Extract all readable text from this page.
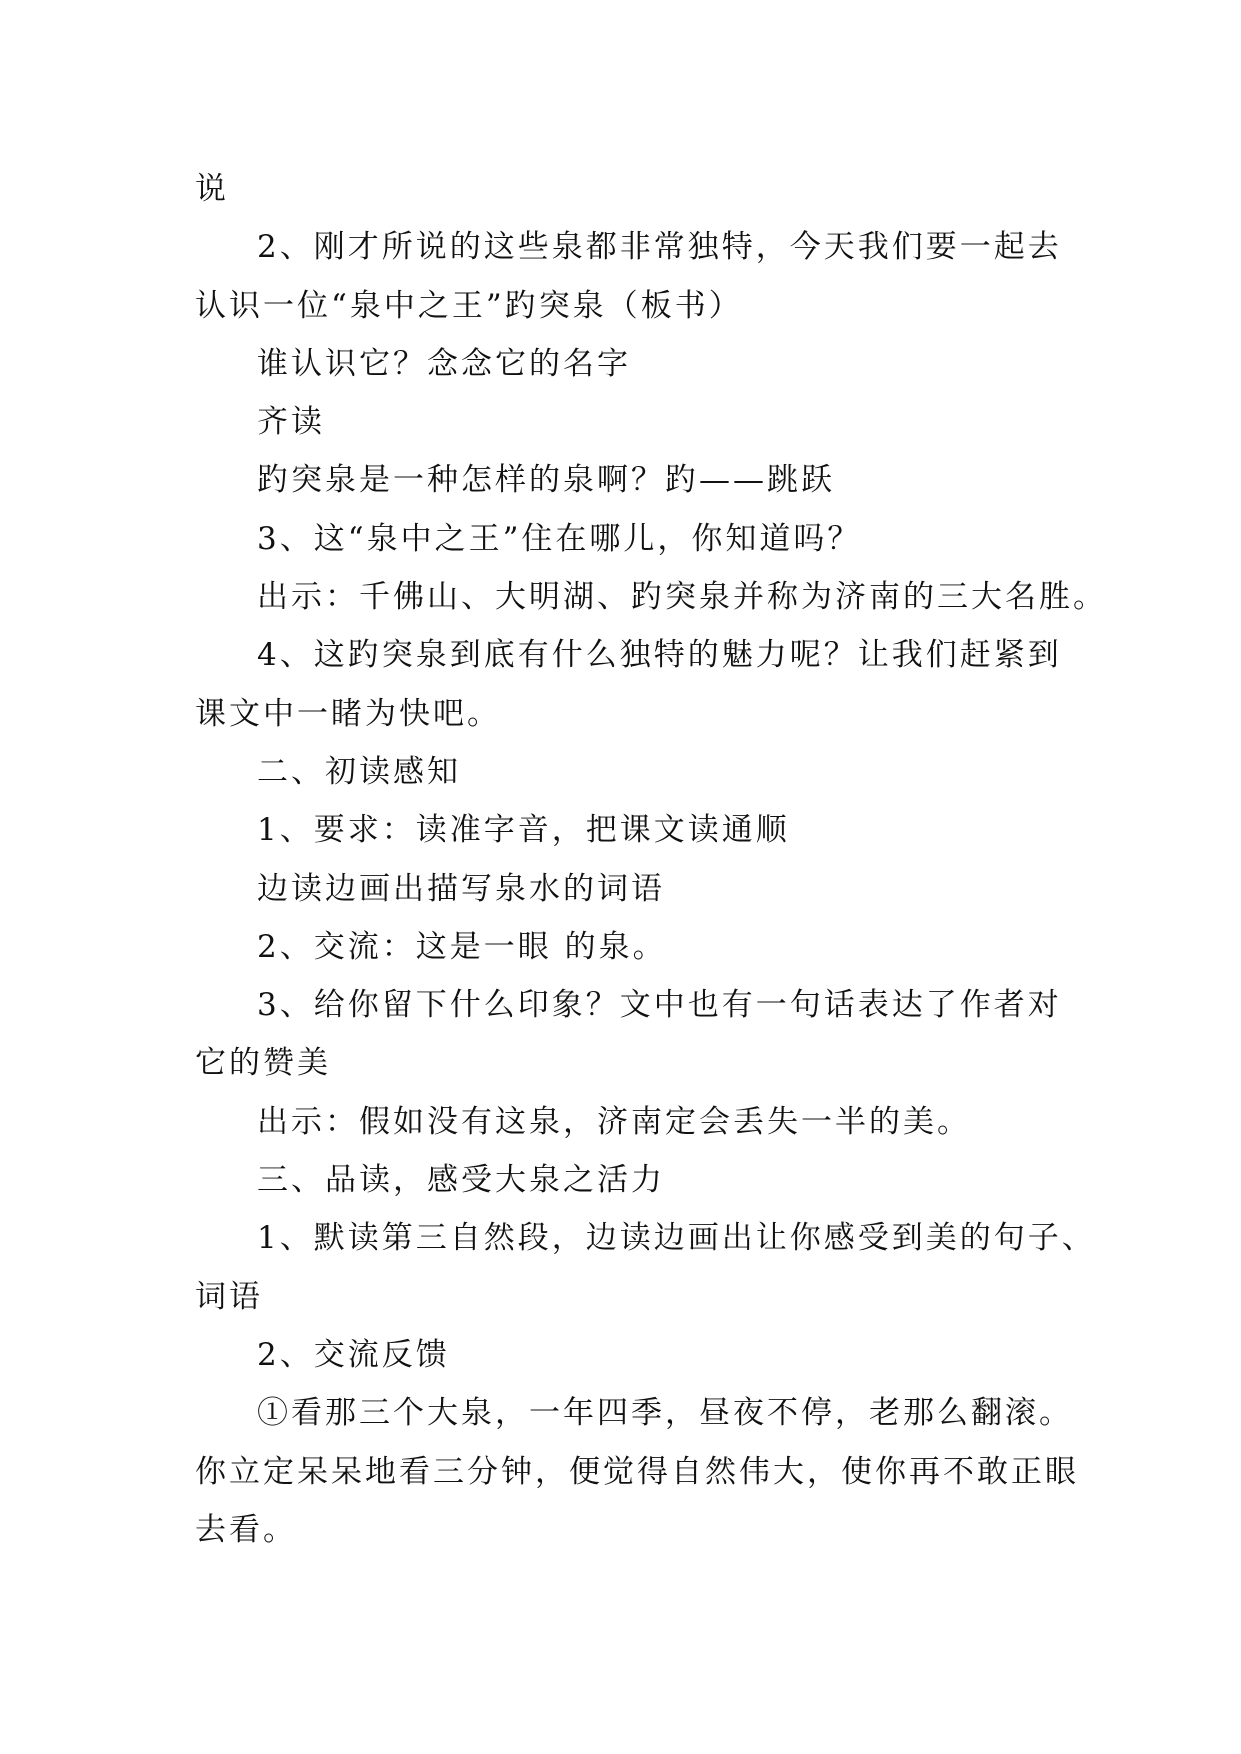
说
2、刚才所说的这些泉都非常独特，今天我们要一起去
认识一位“泉中之王”趵突泉（板书）
谁认识它？念念它的名字
齐读
趵突泉是一种怎样的泉啊？趵——跳跃
3、这“泉中之王”住在哪儿，你知道吗？
出示：千佛山、大明湖、趵突泉并称为济南的三大名胜。
4、这趵突泉到底有什么独特的魅力呢？让我们赶紧到
课文中一睹为快吧。
二、初读感知
1、要求：读准字音，把课文读通顺
边读边画出描写泉水的词语
2、交流：这是一眼 的泉。
3、给你留下什么印象？文中也有一句话表达了作者对
它的赞美
出示：假如没有这泉，济南定会丢失一半的美。
三、品读，感受大泉之活力
1、默读第三自然段，边读边画出让你感受到美的句子、
词语
2、交流反馈
①看那三个大泉，一年四季，昼夜不停，老那么翻滚。
你立定呆呆地看三分钟，便觉得自然伟大，使你再不敢正眼
去看。
